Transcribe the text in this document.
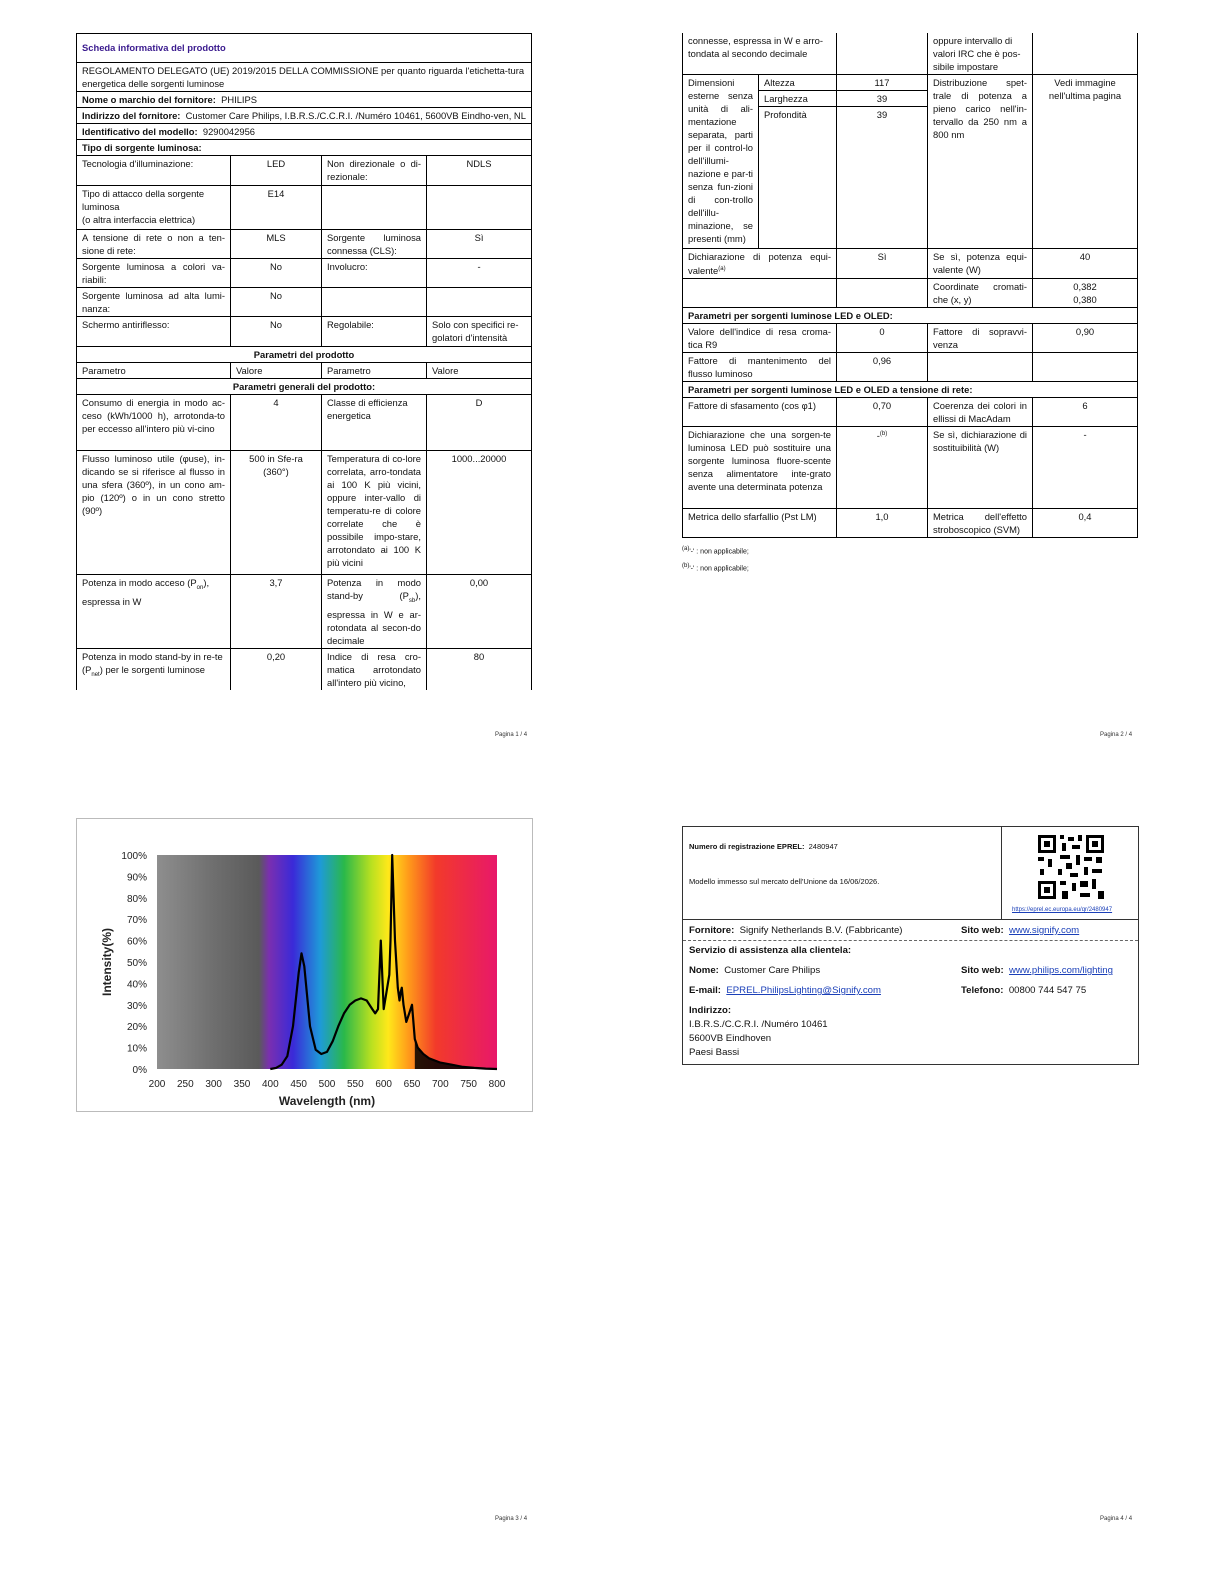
Scheda informativa del prodotto			
REGOLAMENTO DELEGATO (UE) 2019/2015 DELLA COMMISSIONE per quanto riguarda l'etichetta-tura energetica delle sorgenti luminose			
Nome o marchio del fornitore: PHILIPS			
Indirizzo del fornitore: Customer Care Philips, I.B.R.S./C.C.R.I. /Numéro 10461, 5600VB Eindho-ven, NL			
Identificativo del modello: 9290042956			
Tipo di sorgente luminosa:			
Tecnologia d'illuminazione:	LED	Non direzionale o di-rezionale:	NDLS
Tipo di attacco della sorgente luminosa
(o altra interfaccia elettrica)	E14		
A tensione di rete o non a ten-sione di rete:	MLS	Sorgente luminosa connessa (CLS):	Sì
Sorgente luminosa a colori va-riabili:	No	Involucro:	-
Sorgente luminosa ad alta lumi-nanza:	No		
Schermo antiriflesso:	No	Regolabile:	Solo con specifici re-golatori d'intensità
Parametri del prodotto			
Parametro	Valore	Parametro	Valore
Parametri generali del prodotto:			
Consumo di energia in modo ac-ceso (kWh/1000 h), arrotonda-to per eccesso all'intero più vi-cino	4	Classe di efficienza energetica	D
Flusso luminoso utile (φuse), in-dicando se si riferisce al flusso in una sfera (360º), in un cono am-pio (120º) o in un cono stretto (90º)	500 in Sfe-ra (360°)	Temperatura di co-lore correlata, arro-tondata ai 100 K più vicini, oppure inter-vallo di temperatu-re di colore correlate che è possibile impo-stare, arrotondato ai 100 K più vicini	1000...20000
Potenza in modo acceso $(P_{on})$, espressa in W	3,7	Potenza in modo stand-by $(P_{sb})$, espressa in W e ar-rotondata al secon-do decimale	0,00
Potenza in modo stand-by in re-te $(P_{net})$ per le sorgenti luminose	0,20	Indice di resa cro-matica arrotondato all'intero più vicino,	80
Pagina 1 / 4
connesse, espressa in W e arro-tondata al secondo decimale			oppure intervallo di valori IRC che è pos-sibile impostare	
Dimensioni esterne senza unità di ali-mentazione separata, parti per il control-lo dell'illumi-nazione e par-ti senza fun-zioni di con-trollo dell'illu-minazione, se presenti (mm)	Altezza	117	Distribuzione spet-trale di potenza a pieno carico nell'in-tervallo da 250 nm a 800 nm	Vedi immagine nell'ultima pagina
	Larghezza	39		
	Profondità	39		
Dichiarazione di potenza equi-valente$^{(a)}$		Sì	Se sì, potenza equi-valente (W)	40
			Coordinate cromati-che (x, y)	0,382
0,380

Parametri per sorgenti luminose LED e OLED:				
Valore dell'indice di resa croma-tica R9		0	Fattore di sopravvi-venza	0,90
Fattore di mantenimento del flusso luminoso		0,96		
Parametri per sorgenti luminose LED e OLED a tensione di rete:				
Fattore di sfasamento (cos φ1)		0,70	Coerenza dei colori in ellissi di MacAdam	6
Dichiarazione che una sorgen-te luminosa LED può sostituire una sorgente luminosa fluore-scente senza alimentatore inte-grato avente una determinata potenza		-$^{(b)}$	Se sì, dichiarazione di sostituibilità (W)	-
Metrica dello sfarfallio (Pst LM)		1,0	Metrica dell'effetto stroboscopico (SVM)	0,4
$^{(a)}$'-' : non applicabile;
$^{(b)}$'-' : non applicabile;
Pagina 2 / 4
0%
10%
20%
30%
40%
50%
60%
70%
80%
90%
100%
200 250 300 350 400 450 500 550 600 650 700 750 800
Wavelength (nm)
Intensity(%)
Pagina 3 / 4
Numero di registrazione EPREL: 2480947
Modello immesso sul mercato dell'Unione da 16/06/2026.
https://eprel.ec.europa.eu/qr/2480947
Fornitore: Signify Netherlands B.V. (Fabbricante)	Sito web: www.signify.com
Servizio di assistenza alla clientela:
Nome: Customer Care Philips	Sito web: www.philips.com/lighting
E-mail: EPREL.PhilipsLighting@Signify.com	Telefono: 00800 744 547 75
Indirizzo:
I.B.R.S./C.C.R.I. /Numéro 10461
5600VB Eindhoven
Paesi Bassi
Pagina 4 / 4
